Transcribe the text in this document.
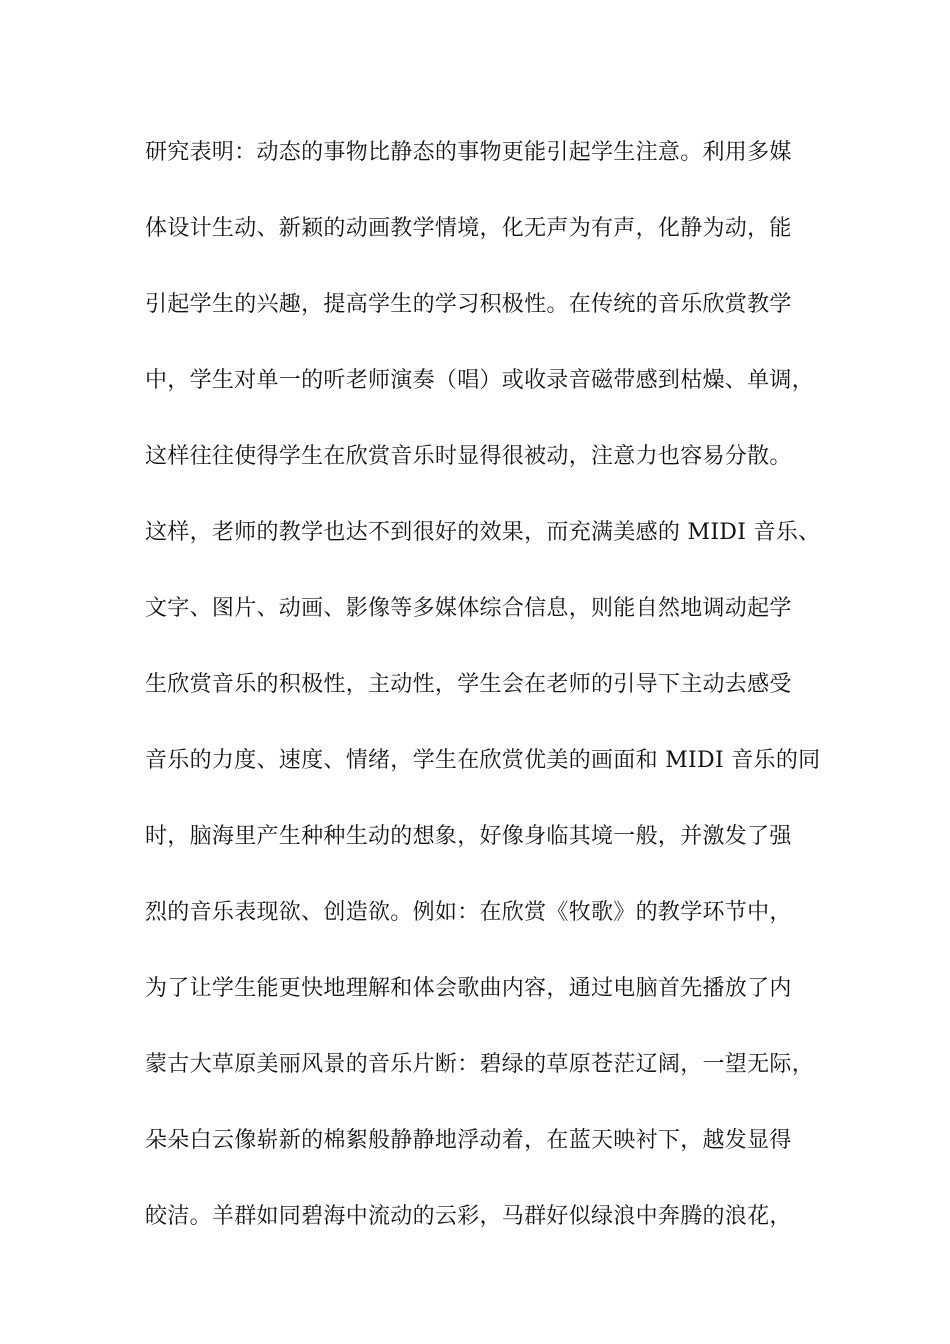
研究表明：动态的事物比静态的事物更能引起学生注意。利用多媒
体设计生动、新颖的动画教学情境，化无声为有声，化静为动，能
引起学生的兴趣，提高学生的学习积极性。在传统的音乐欣赏教学
中，学生对单一的听老师演奏（唱）或收录音磁带感到枯燥、单调，
这样往往使得学生在欣赏音乐时显得很被动，注意力也容易分散。
这样，老师的教学也达不到很好的效果，而充满美感的 MIDI 音乐、
文字、图片、动画、影像等多媒体综合信息，则能自然地调动起学
生欣赏音乐的积极性，主动性，学生会在老师的引导下主动去感受
音乐的力度、速度、情绪，学生在欣赏优美的画面和 MIDI 音乐的同
时，脑海里产生种种生动的想象，好像身临其境一般，并激发了强
烈的音乐表现欲、创造欲。例如：在欣赏《牧歌》的教学环节中，
为了让学生能更快地理解和体会歌曲内容，通过电脑首先播放了内
蒙古大草原美丽风景的音乐片断：碧绿的草原苍茫辽阔，一望无际，
朵朵白云像崭新的棉絮般静静地浮动着，在蓝天映衬下，越发显得
皎洁。羊群如同碧海中流动的云彩，马群好似绿浪中奔腾的浪花，
